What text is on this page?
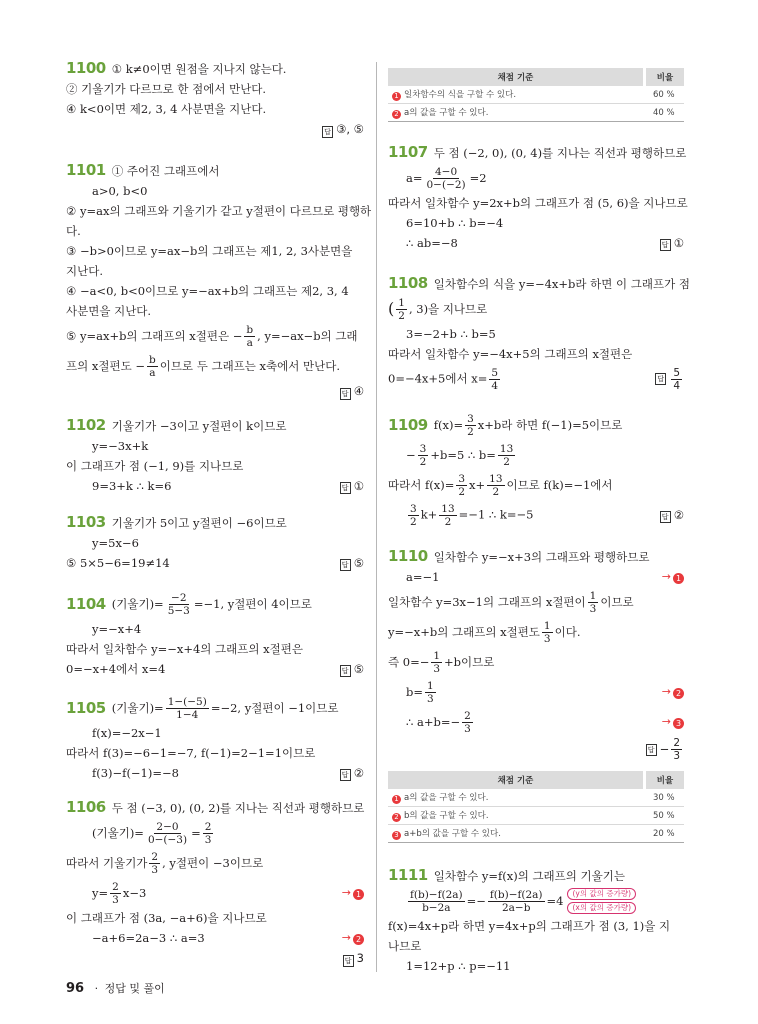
1100 ① k≠0이면 원점을 지나지 않는다.
② 기울기가 다르므로 한 점에서 만난다.
④ k<0이면 제2, 3, 4 사분면을 지난다.
답 ③, ⑤
1101 ① 주어진 그래프에서
a>0, b<0
② y=ax의 그래프와 기울기가 같고 y절편이 다르므로 평행하
다.
③ −b>0이므로 y=ax−b의 그래프는 제1, 2, 3사분면을
지난다.
④ −a<0, b<0이므로 y=−ax+b의 그래프는 제2, 3, 4
사분면을 지난다.
⑤ y=ax+b의 그래프의 x절편은 − $\frac{b}{a}$ , y=−ax−b의 그래
프의 x절편도 − $\frac{b}{a}$ 이므로 두 그래프는 x축에서 만난다.
답 ④
1102 기울기가 −3이고 y절편이 k이므로
y=−3x+k
이 그래프가 점 (−1, 9)를 지나므로
9=3+k ∴ k=6	답 ①
1103 기울기가 5이고 y절편이 −6이므로
y=5x−6
⑤ 5×5−6=19≠14	답 ⑤
1104 (기울기)= $\frac{-2}{5-3} =-1$, y절편이 4이므로
y=−x+4
따라서 일차함수 y=−x+4의 그래프의 x절편은
0=−x+4에서 x=4	답 ⑤
1105 (기울기)= $\frac{1-(-5)}{1-4} =-2$, y절편이 −1이므로
f(x)=−2x−1
따라서 f(3)=−6−1=−7, f(−1)=2−1=1이므로
f(3)−f(−1)=−8	답 ②
1106 두 점 (−3, 0), (0, 2)를 지나는 직선과 평행하므로
(기울기)= $\frac{2-0}{0-(-3)} = \frac{2}{3}$
따라서 기울기가 $\frac{2}{3}$ , y절편이 −3이므로
$y= \frac{2}{3} x-3$	→ 1
이 그래프가 점 (3a, −a+6)을 지나므로
−a+6=2a−3 ∴ a=3	→ 2
답 3
채점 기준	비율
1 일차함수의 식을 구할 수 있다.	60 %
2 a의 값을 구할 수 있다.	40 %
1107 두 점 (−2, 0), (0, 4)를 지나는 직선과 평행하므로
$a= \frac{4-0}{0-(-2)} =2$
따라서 일차함수 y=2x+b의 그래프가 점 (5, 6)을 지나므로
6=10+b ∴ b=−4
∴ ab=−8	답 ①
1108 일차함수의 식을 y=−4x+b라 하면 이 그래프가 점
( $\frac{1}{2}$ , 3)을 지나므로
3=−2+b ∴ b=5
따라서 일차함수 y=−4x+5의 그래프의 x절편은
0=−4x+5에서 $x= \frac{5}{4}$	답 $\frac{5}{4}$
1109 $f(x)= \frac{3}{2} x+b$라 하면 f(−1)=5이므로
− $\frac{3}{2} +b=5$ ∴ $b= \frac{13}{2}$
따라서 $f(x)= \frac{3}{2} x+ \frac{13}{2}$ 이므로 f(k)=−1에서
$\frac{3}{2} k+ \frac{13}{2} =-1$ ∴ k=−5	답 ②
1110 일차함수 y=−x+3의 그래프와 평행하므로
a=−1	→ 1
일차함수 y=3x−1의 그래프의 x절편이 $\frac{1}{3}$ 이므로
y=−x+b의 그래프의 x절편도 $\frac{1}{3}$ 이다.
즉 $0=- \frac{1}{3} +b$이므로
$b= \frac{1}{3}$	→ 2
∴ $a+b=- \frac{2}{3}$	→ 3
답 − $\frac{2}{3}$
채점 기준	비율
1 a의 값을 구할 수 있다.	30 %
2 b의 값을 구할 수 있다.	50 %
3 a+b의 값을 구할 수 있다.	20 %
1111 일차함수 y=f(x)의 그래프의 기울기는
$\frac{f(b)-f(2a)}{b-2a} =- \frac{f(b)-f(2a)}{2a-b} =4$
(y의 값의 증가량)
(x의 값의 증가량)
f(x)=4x+p라 하면 y=4x+p의 그래프가 점 (3, 1)을 지
나므로
1=12+p ∴ p=−11
96 · 정답 및 풀이
